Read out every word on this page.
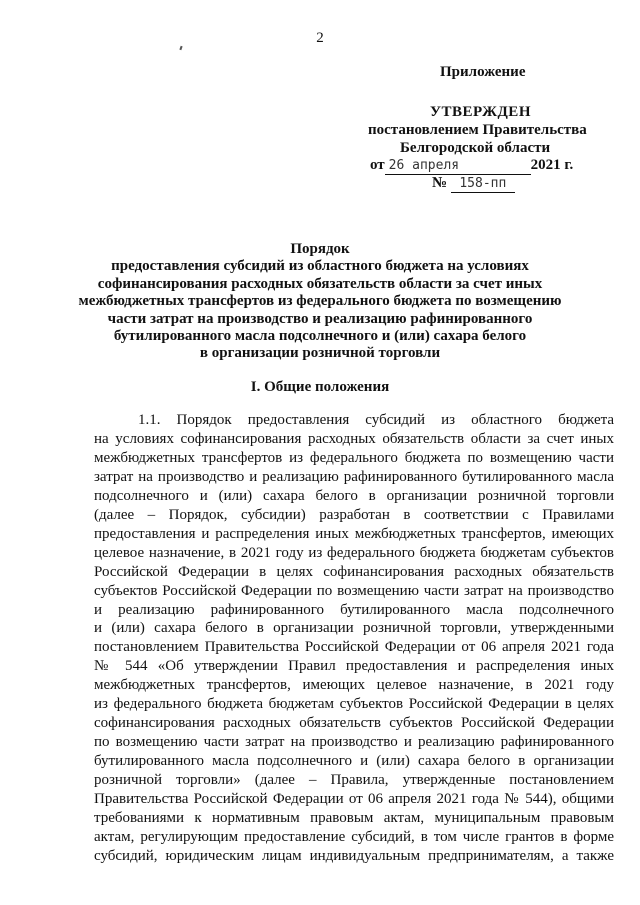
2
Приложение
УТВЕРЖДЕН
постановлением Правительства
Белгородской области
от 26 апреля	2021 г.
№ 158-пп
Порядок
предоставления субсидий из областного бюджета на условиях
софинансирования расходных обязательств области за счет иных
межбюджетных трансфертов из федерального бюджета по возмещению
части затрат на производство и реализацию рафинированного
бутилированного масла подсолнечного и (или) сахара белого
в организации розничной торговли
I. Общие положения
1.1. Порядок предоставления субсидий из областного бюджета
на условиях софинансирования расходных обязательств области за счет иных
межбюджетных трансфертов из федерального бюджета по возмещению части
затрат на производство и реализацию рафинированного бутилированного масла
подсолнечного и (или) сахара белого в организации розничной торговли
(далее – Порядок, субсидии) разработан в соответствии с Правилами
предоставления и распределения иных межбюджетных трансфертов, имеющих
целевое назначение, в 2021 году из федерального бюджета бюджетам субъектов
Российской Федерации в целях софинансирования расходных обязательств
субъектов Российской Федерации по возмещению части затрат на производство
и реализацию рафинированного бутилированного масла подсолнечного
и (или) сахара белого в организации розничной торговли, утвержденными
постановлением Правительства Российской Федерации от 06 апреля 2021 года
№ 544 «Об утверждении Правил предоставления и распределения иных
межбюджетных трансфертов, имеющих целевое назначение, в 2021 году
из федерального бюджета бюджетам субъектов Российской Федерации в целях
софинансирования расходных обязательств субъектов Российской Федерации
по возмещению части затрат на производство и реализацию рафинированного
бутилированного масла подсолнечного и (или) сахара белого в организации
розничной торговли» (далее – Правила, утвержденные постановлением
Правительства Российской Федерации от 06 апреля 2021 года № 544), общими
требованиями к нормативным правовым актам, муниципальным правовым
актам, регулирующим предоставление субсидий, в том числе грантов в форме
субсидий, юридическим лицам индивидуальным предпринимателям, а также
